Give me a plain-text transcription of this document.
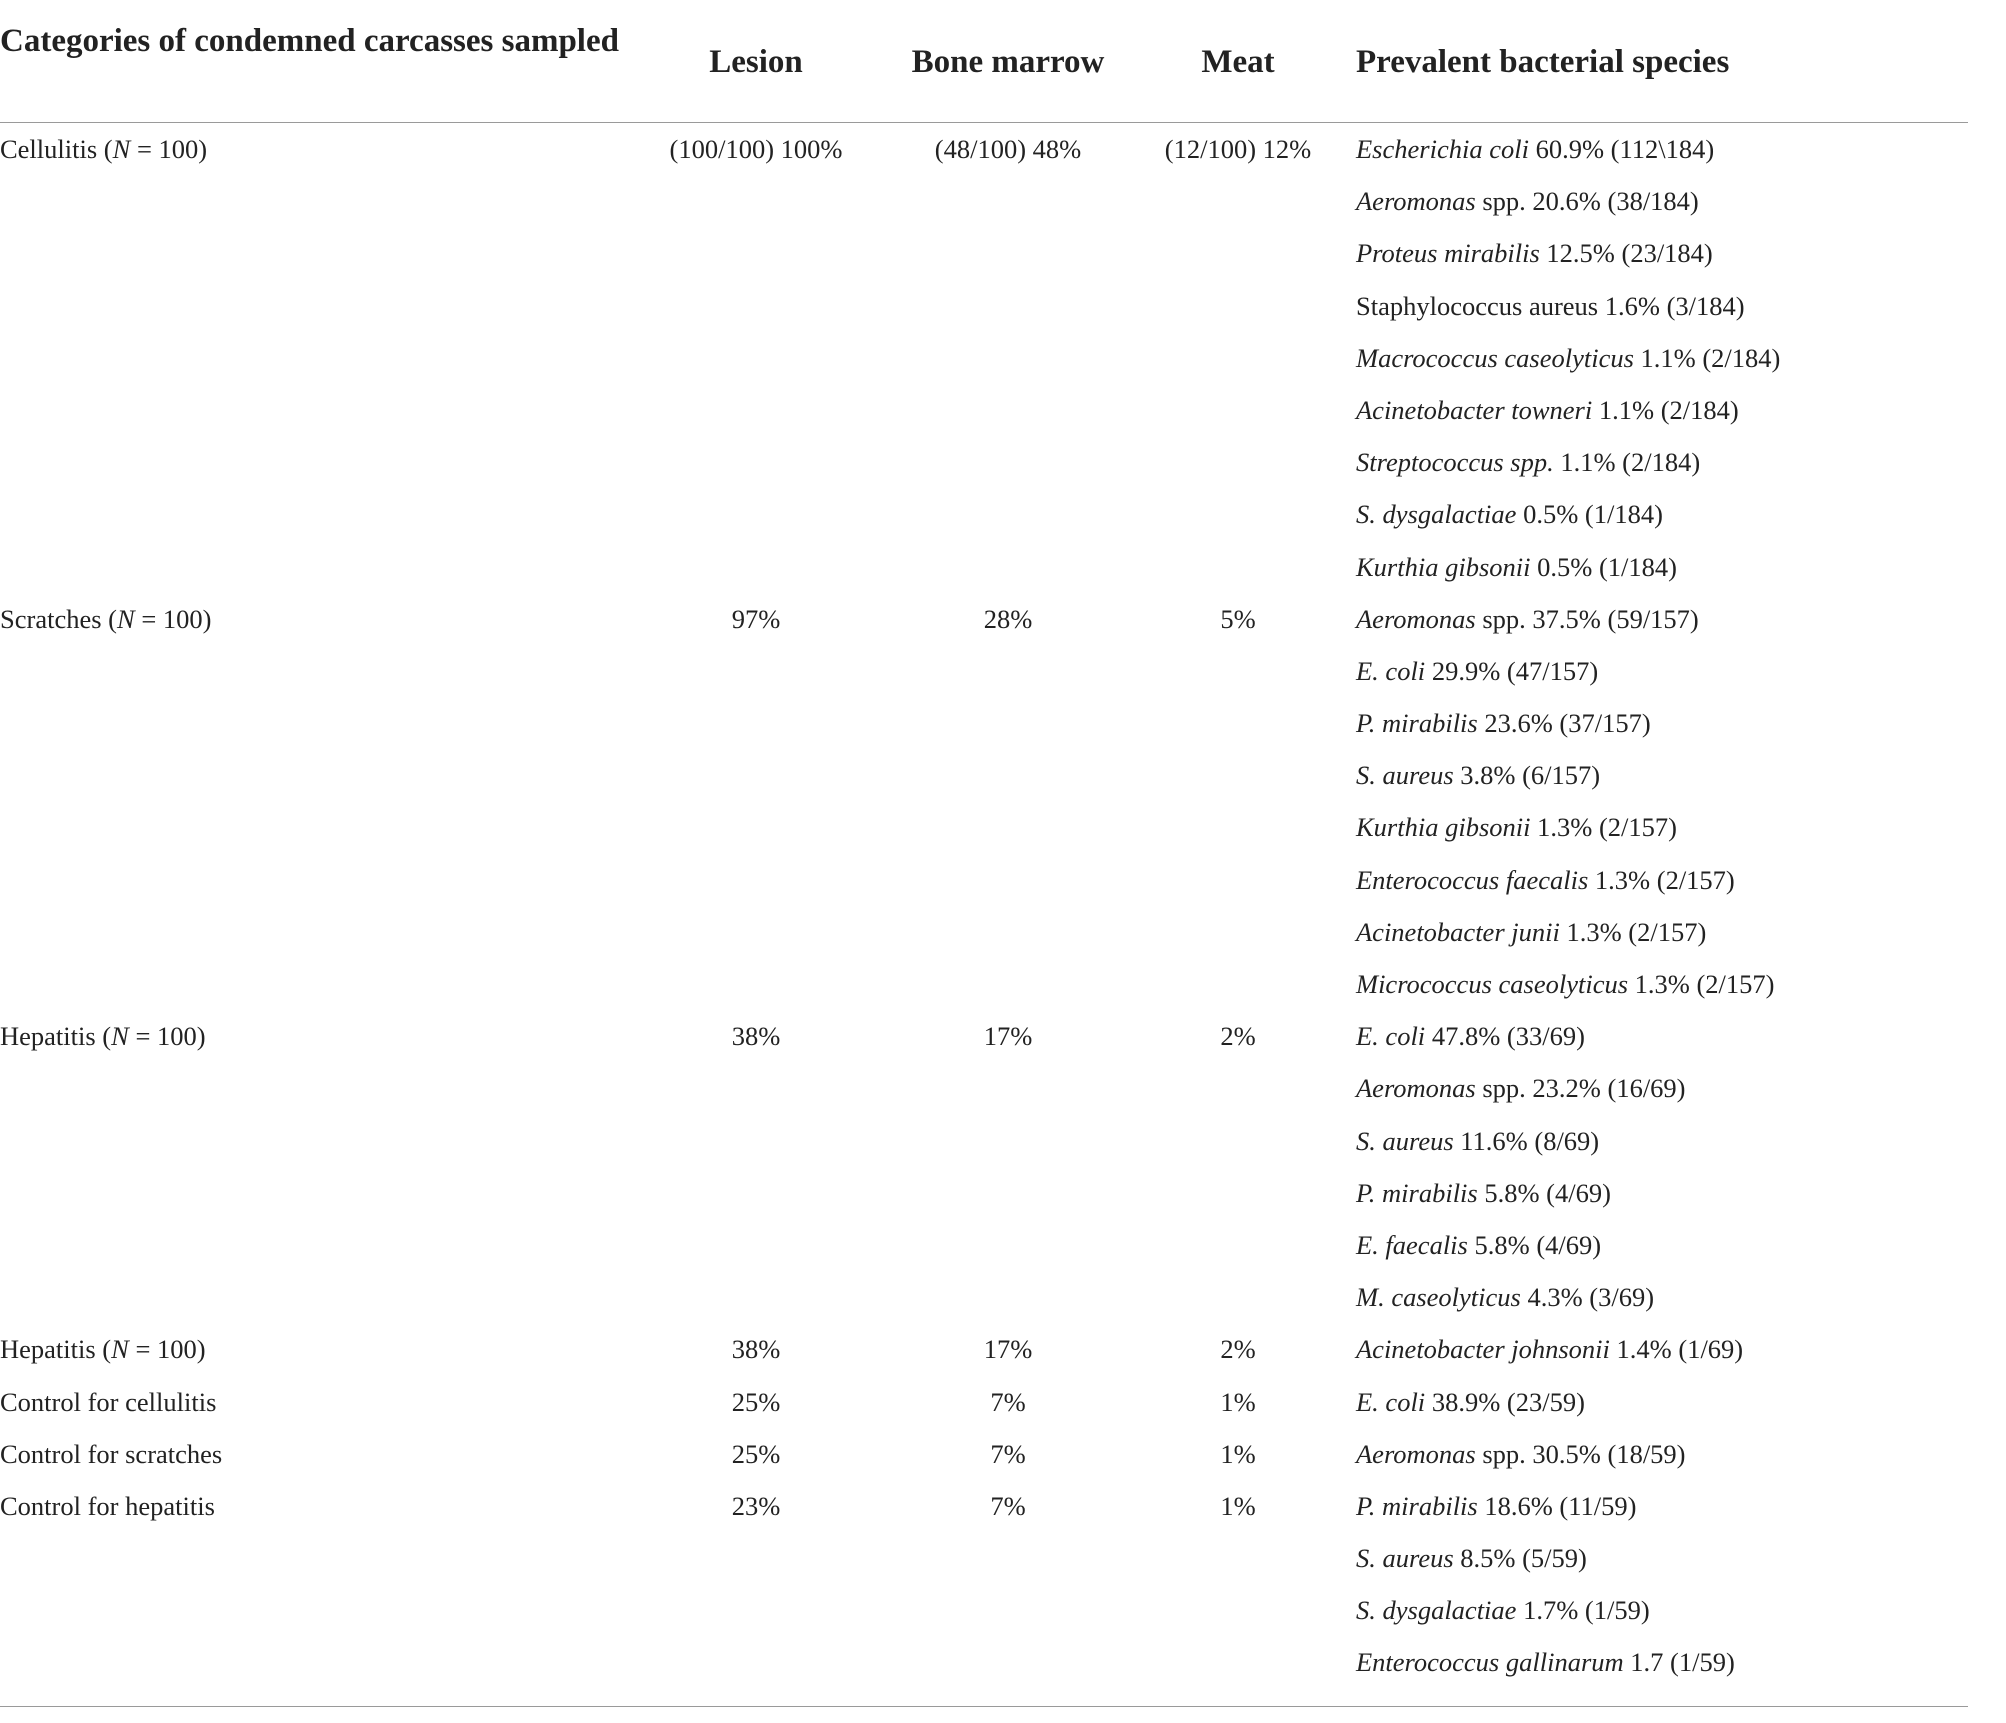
Categories of condemned carcasses sampled
Lesion	Bone marrow	Meat	Prevalent bacterial species
Cellulitis (N = 100)	(100/100) 100%	(48/100) 48%	(12/100) 12%	Escherichia coli 60.9% (112\184)
Aeromonas spp. 20.6% (38/184)
Proteus mirabilis 12.5% (23/184)
Staphylococcus aureus 1.6% (3/184)
Macrococcus caseolyticus 1.1% (2/184)
Acinetobacter towneri 1.1% (2/184)
Streptococcus spp. 1.1% (2/184)
S. dysgalactiae 0.5% (1/184)
Kurthia gibsonii 0.5% (1/184)
Scratches (N = 100)	97%	28%	5%	Aeromonas spp. 37.5% (59/157)
E. coli 29.9% (47/157)
P. mirabilis 23.6% (37/157)
S. aureus 3.8% (6/157)
Kurthia gibsonii 1.3% (2/157)
Enterococcus faecalis 1.3% (2/157)
Acinetobacter junii 1.3% (2/157)
Micrococcus caseolyticus 1.3% (2/157)
Hepatitis (N = 100)	38%	17%	2%	E. coli 47.8% (33/69)
Aeromonas spp. 23.2% (16/69)
S. aureus 11.6% (8/69)
P. mirabilis 5.8% (4/69)
E. faecalis 5.8% (4/69)
M. caseolyticus 4.3% (3/69)
Hepatitis (N = 100)	38%	17%	2%	Acinetobacter johnsonii 1.4% (1/69)
Control for cellulitis	25%	7%	1%	E. coli 38.9% (23/59)
Control for scratches	25%	7%	1%	Aeromonas spp. 30.5% (18/59)
Control for hepatitis	23%	7%	1%	P. mirabilis 18.6% (11/59)
S. aureus 8.5% (5/59)
S. dysgalactiae 1.7% (1/59)
Enterococcus gallinarum 1.7 (1/59)
